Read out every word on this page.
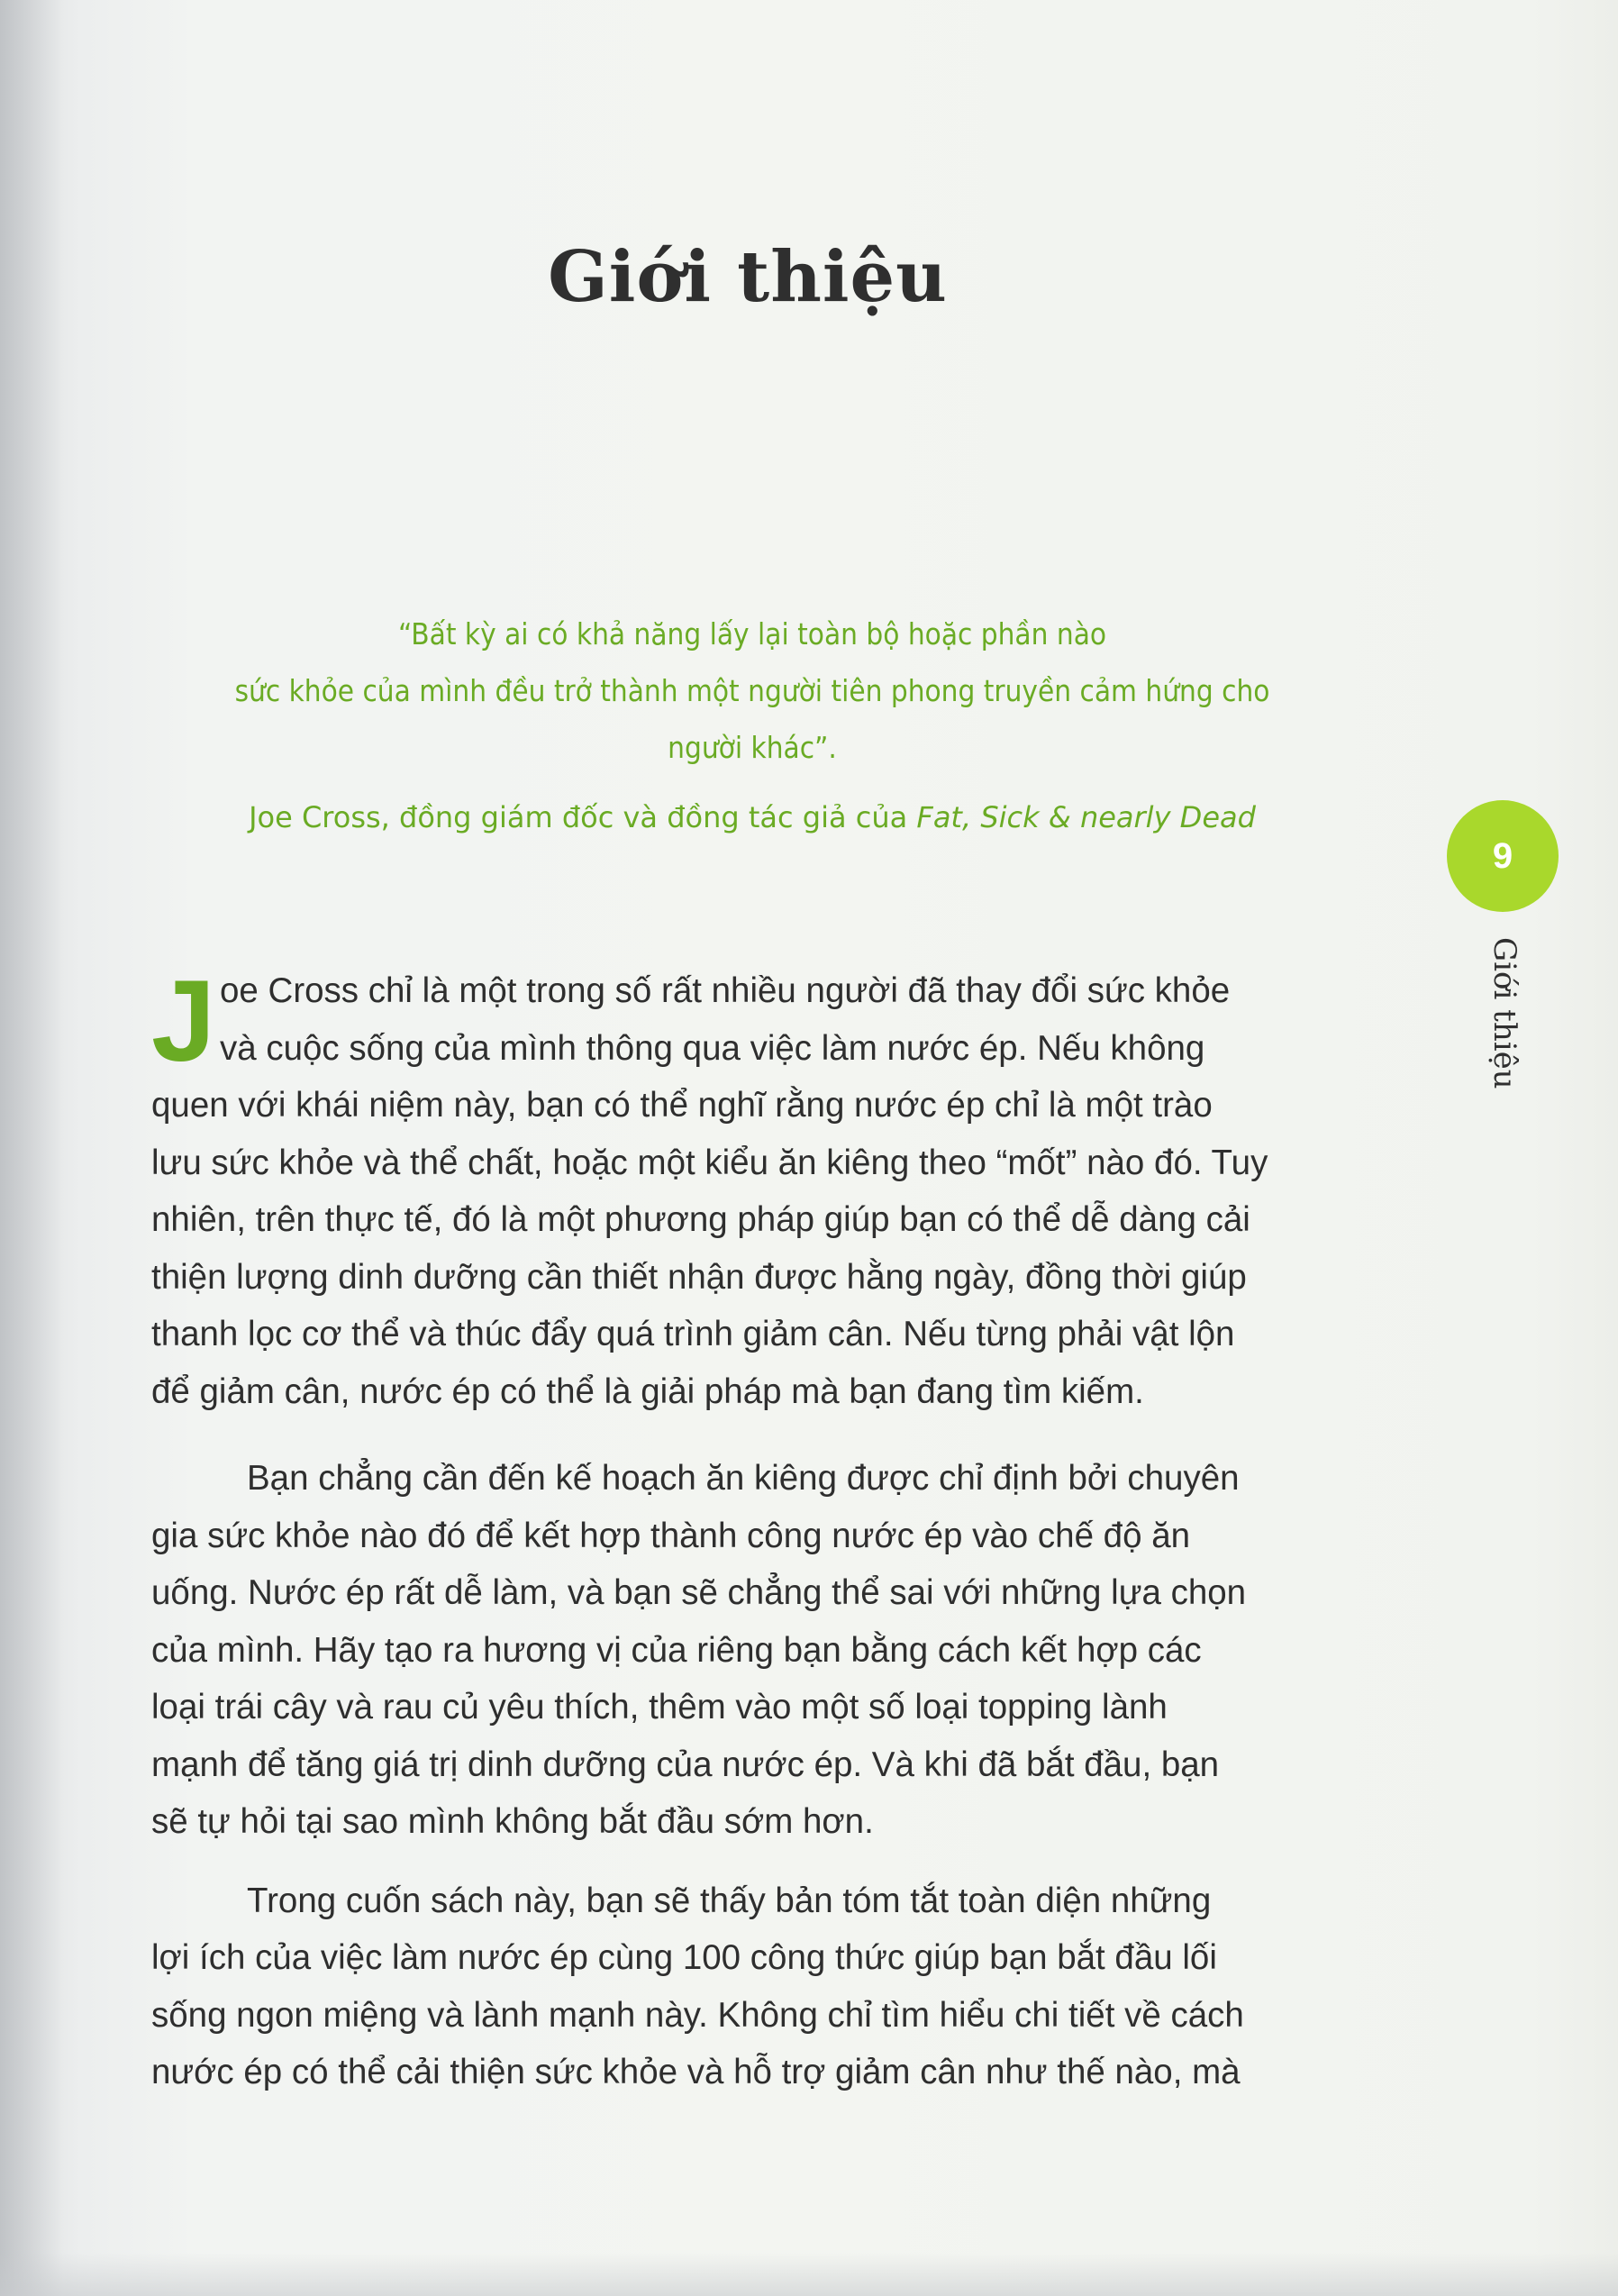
Giới thiệu
“Bất kỳ ai có khả năng lấy lại toàn bộ hoặc phần nào
sức khỏe của mình đều trở thành một người tiên phong truyền cảm hứng cho
người khác”.
Joe Cross, đồng giám đốc và đồng tác giả của Fat, Sick & nearly Dead
9
Giới thiệu
J oe Cross chỉ là một trong số rất nhiều người đã thay đổi sức khỏe
và cuộc sống của mình thông qua việc làm nước ép. Nếu không
quen với khái niệm này, bạn có thể nghĩ rằng nước ép chỉ là một trào
lưu sức khỏe và thể chất, hoặc một kiểu ăn kiêng theo “mốt” nào đó. Tuy
nhiên, trên thực tế, đó là một phương pháp giúp bạn có thể dễ dàng cải
thiện lượng dinh dưỡng cần thiết nhận được hằng ngày, đồng thời giúp
thanh lọc cơ thể và thúc đẩy quá trình giảm cân. Nếu từng phải vật lộn
để giảm cân, nước ép có thể là giải pháp mà bạn đang tìm kiếm.
Bạn chẳng cần đến kế hoạch ăn kiêng được chỉ định bởi chuyên
gia sức khỏe nào đó để kết hợp thành công nước ép vào chế độ ăn
uống. Nước ép rất dễ làm, và bạn sẽ chẳng thể sai với những lựa chọn
của mình. Hãy tạo ra hương vị của riêng bạn bằng cách kết hợp các
loại trái cây và rau củ yêu thích, thêm vào một số loại topping lành
mạnh để tăng giá trị dinh dưỡng của nước ép. Và khi đã bắt đầu, bạn
sẽ tự hỏi tại sao mình không bắt đầu sớm hơn.
Trong cuốn sách này, bạn sẽ thấy bản tóm tắt toàn diện những
lợi ích của việc làm nước ép cùng 100 công thức giúp bạn bắt đầu lối
sống ngon miệng và lành mạnh này. Không chỉ tìm hiểu chi tiết về cách
nước ép có thể cải thiện sức khỏe và hỗ trợ giảm cân như thế nào, mà
